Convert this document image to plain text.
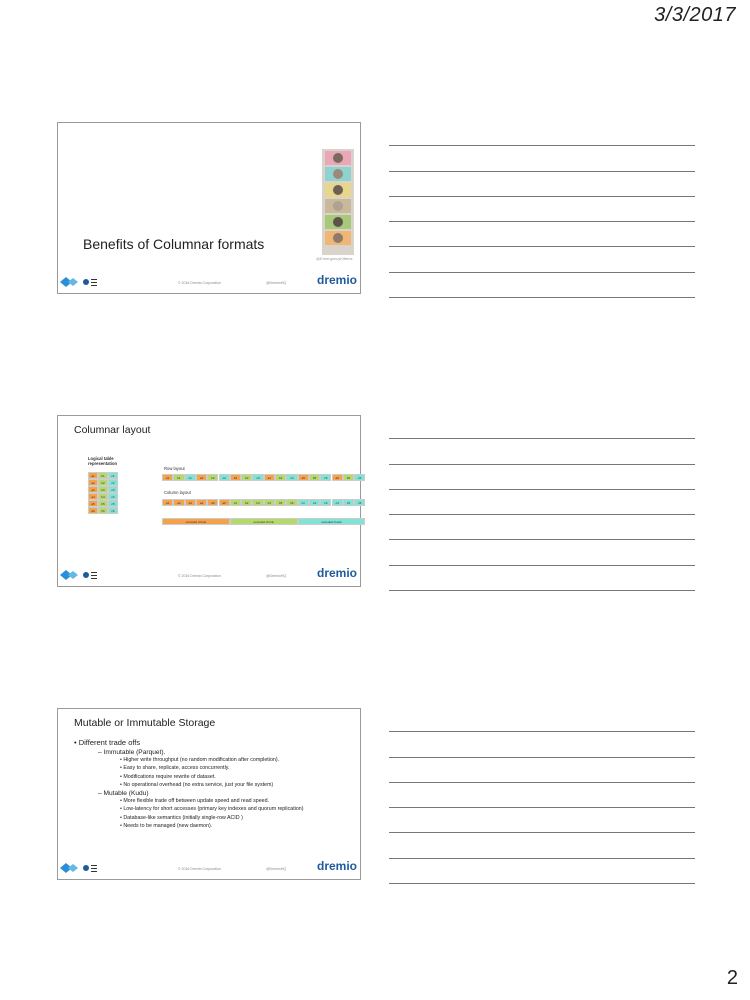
3/3/2017
@EmergencyKittens
Benefits of Columnar formats
© 2016 Dremio Corporation	@DremioHQ	dremio
Columnar layout
Logical table representation
Row layout
Column layout
© 2016 Dremio Corporation	@DremioHQ	dremio
a1	b1	c1
a2	b2	c2
a3	b3	c3
a4	b4	c4
a5	b5	c5
a6	b6	c6
a1	b1	c1	a2	b2	c2	a3	b3	c3	a4	b4	c4	a5	b5	c5	a6	b6	c6
a1	a2	a3	a4	a5	a6	b1	b2	b3	b4	b5	b6	c1	c2	c3	c4	c5	c6
encoded chunk	encoded chunk	encoded chunk
Mutable or Immutable Storage
• Different trade offs
– Immutable (Parquet).
• Higher write throughput (no random modification after completion).
• Easy to share, replicate, access concurrently.
• Modifications require rewrite of dataset.
• No operational overhead (no extra service, just your file system)
– Mutable (Kudu)
• More flexible trade off between update speed and read speed.
• Low-latency for short accesses (primary key indexes and quorum replication)
• Database-like semantics (initially single-row ACID )
• Needs to be managed (new daemon).
© 2016 Dremio Corporation	@DremioHQ	dremio
2
